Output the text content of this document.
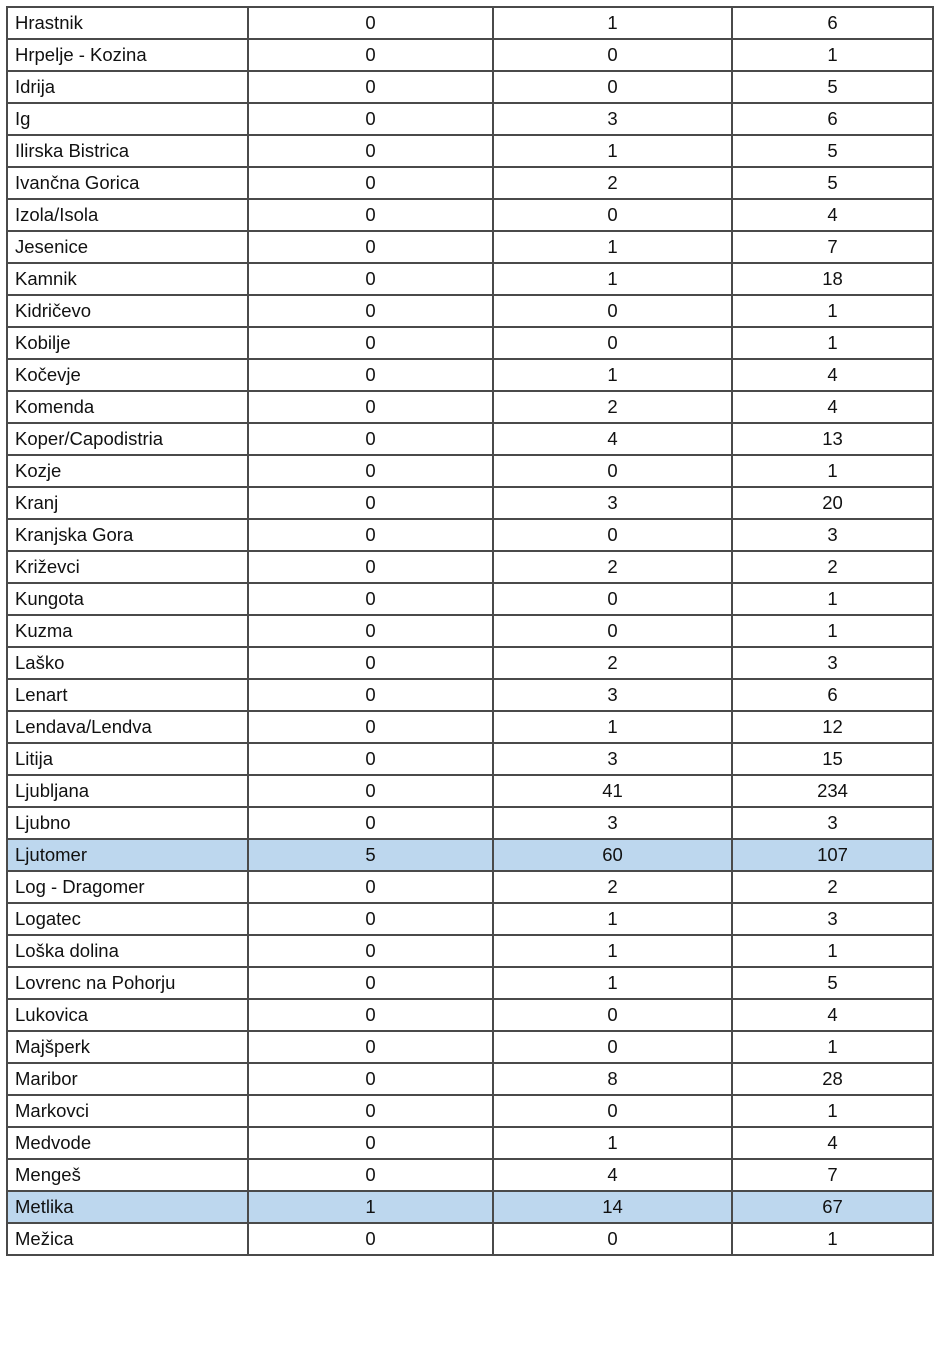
Hrastnik	0	1	6
Hrpelje - Kozina	0	0	1
Idrija	0	0	5
Ig	0	3	6
Ilirska Bistrica	0	1	5
Ivančna Gorica	0	2	5
Izola/Isola	0	0	4
Jesenice	0	1	7
Kamnik	0	1	18
Kidričevo	0	0	1
Kobilje	0	0	1
Kočevje	0	1	4
Komenda	0	2	4
Koper/Capodistria	0	4	13
Kozje	0	0	1
Kranj	0	3	20
Kranjska Gora	0	0	3
Križevci	0	2	2
Kungota	0	0	1
Kuzma	0	0	1
Laško	0	2	3
Lenart	0	3	6
Lendava/Lendva	0	1	12
Litija	0	3	15
Ljubljana	0	41	234
Ljubno	0	3	3
Ljutomer	5	60	107
Log - Dragomer	0	2	2
Logatec	0	1	3
Loška dolina	0	1	1
Lovrenc na Pohorju	0	1	5
Lukovica	0	0	4
Majšperk	0	0	1
Maribor	0	8	28
Markovci	0	0	1
Medvode	0	1	4
Mengeš	0	4	7
Metlika	1	14	67
Mežica	0	0	1
